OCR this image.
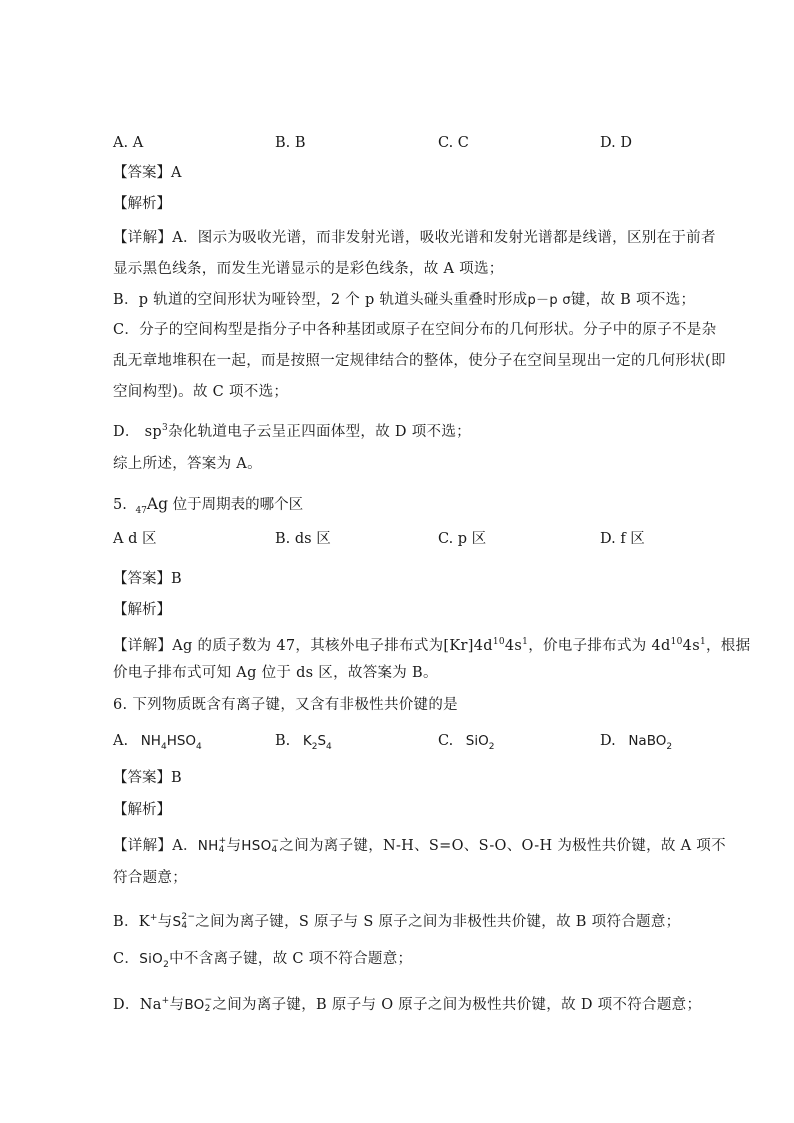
A. A	B. B	C. C	D. D
【答案】A
【解析】
【详解】A．图示为吸收光谱，而非发射光谱，吸收光谱和发射光谱都是线谱，区别在于前者
显示黑色线条，而发生光谱显示的是彩色线条，故 A 项选；
B．p 轨道的空间形状为哑铃型，2 个 p 轨道头碰头重叠时形成p－p σ键，故 B 项不选；
C．分子的空间构型是指分子中各种基团或原子在空间分布的几何形状。分子中的原子不是杂
乱无章地堆积在一起，而是按照一定规律结合的整体，使分子在空间呈现出一定的几何形状(即
空间构型)。故 C 项不选；
D． $sp^3$杂化轨道电子云呈正四面体型，故 D 项不选；
综上所述，答案为 A。
5. $_{47}$Ag 位于周期表的哪个区
A d 区	B. ds 区	C. p 区	D. f 区
【答案】B
【解析】
【详解】Ag 的质子数为 47，其核外电子排布式为$[Kr]4d^{10}4s^1$，价电子排布式为 $4d^{10}4s^1$，根据
价电子排布式可知 Ag 位于 ds 区，故答案为 B。
6. 下列物质既含有离子键，又含有非极性共价键的是
A. $NH_4HSO_4$	B. $K_2S_4$	C. SiO$_2$	D. NaBO$_2$
【答案】B
【解析】
【详解】A．NH +
4 与HSO −
4 之间为离子键，N-H、S=O、S-O、O-H 为极性共价键，故 A 项不
符合题意；
B．K+与S 2−
4 之间为离子键，S 原子与 S 原子之间为非极性共价键，故 B 项符合题意；
C．SiO$_2$中不含离子键，故 C 项不符合题意；
D．Na+与BO −
2 之间为离子键，B 原子与 O 原子之间为极性共价键，故 D 项不符合题意；
